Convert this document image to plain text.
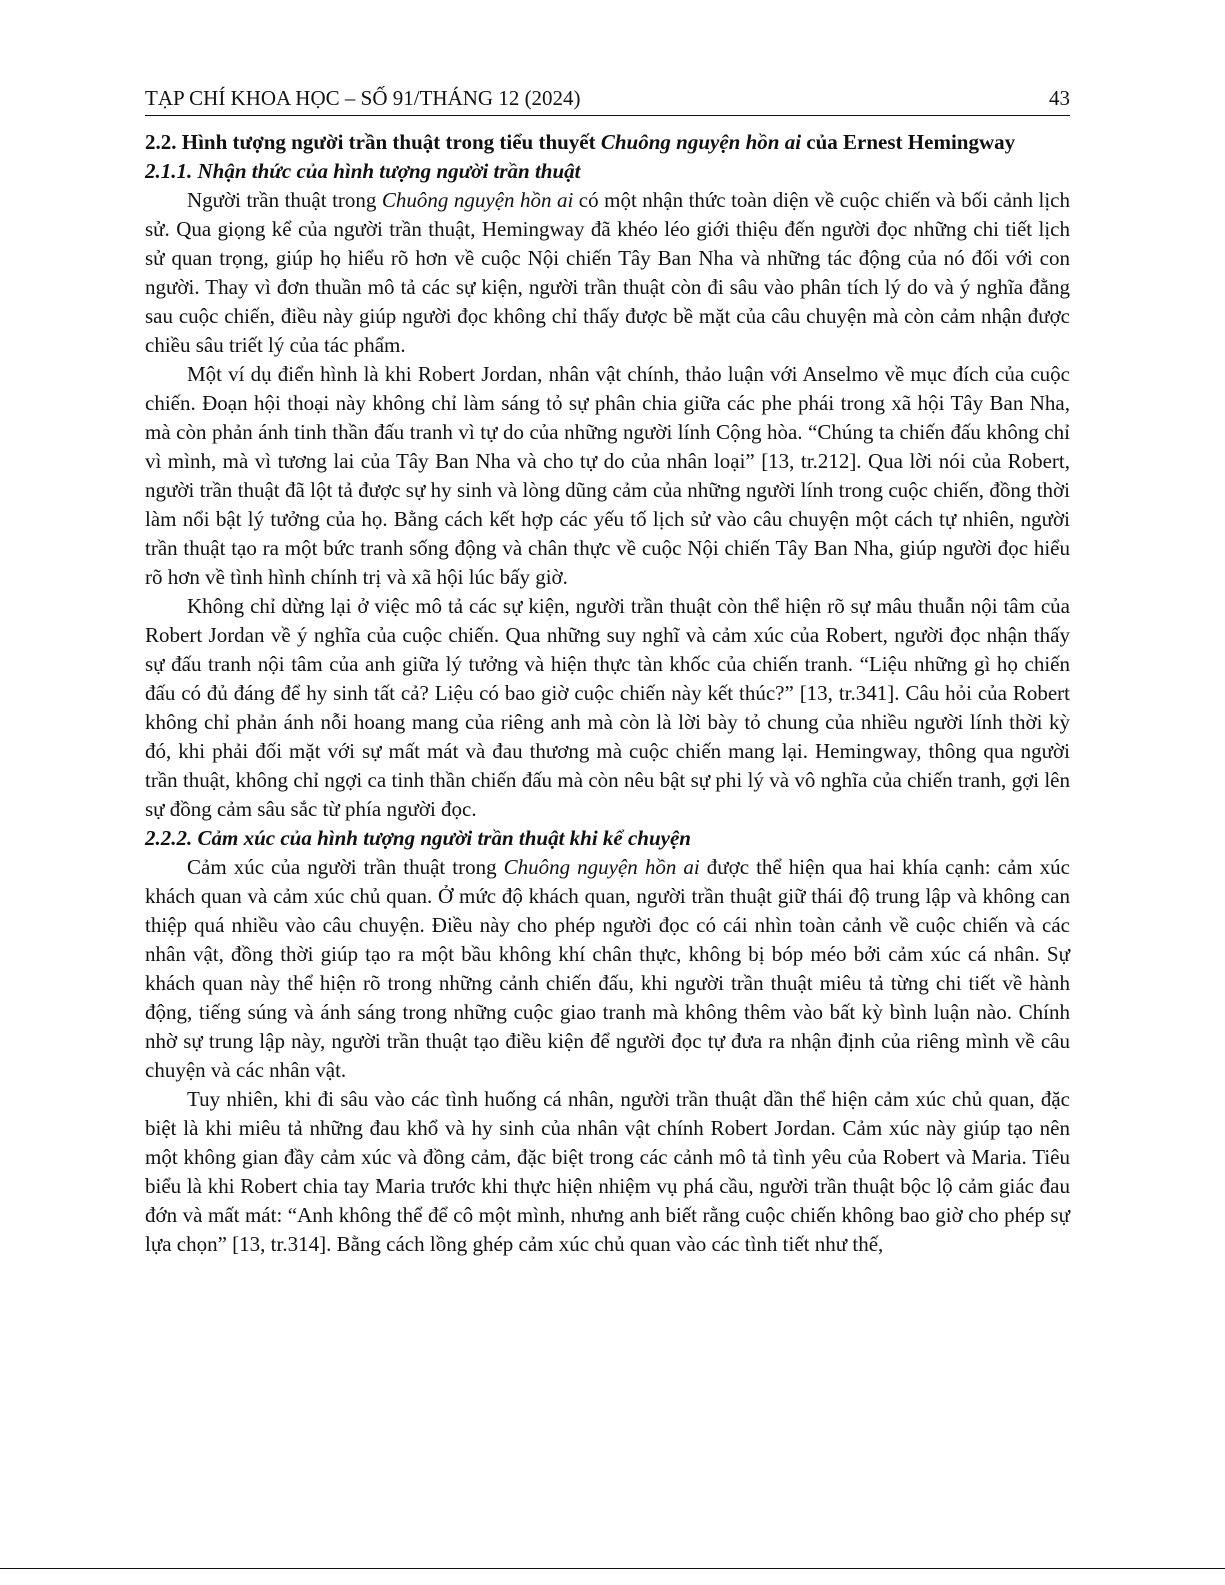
TẠP CHÍ KHOA HỌC – SỐ 91/THÁNG 12 (2024)	43

2.2. Hình tượng người trần thuật trong tiểu thuyết Chuông nguyện hồn ai của Ernest Hemingway

2.1.1. Nhận thức của hình tượng người trần thuật

Người trần thuật trong Chuông nguyện hồn ai có một nhận thức toàn diện về cuộc chiến và bối cảnh lịch sử. Qua giọng kể của người trần thuật, Hemingway đã khéo léo giới thiệu đến người đọc những chi tiết lịch sử quan trọng, giúp họ hiểu rõ hơn về cuộc Nội chiến Tây Ban Nha và những tác động của nó đối với con người. Thay vì đơn thuần mô tả các sự kiện, người trần thuật còn đi sâu vào phân tích lý do và ý nghĩa đằng sau cuộc chiến, điều này giúp người đọc không chỉ thấy được bề mặt của câu chuyện mà còn cảm nhận được chiều sâu triết lý của tác phẩm.

Một ví dụ điển hình là khi Robert Jordan, nhân vật chính, thảo luận với Anselmo về mục đích của cuộc chiến. Đoạn hội thoại này không chỉ làm sáng tỏ sự phân chia giữa các phe phái trong xã hội Tây Ban Nha, mà còn phản ánh tinh thần đấu tranh vì tự do của những người lính Cộng hòa. “Chúng ta chiến đấu không chỉ vì mình, mà vì tương lai của Tây Ban Nha và cho tự do của nhân loại” [13, tr.212]. Qua lời nói của Robert, người trần thuật đã lột tả được sự hy sinh và lòng dũng cảm của những người lính trong cuộc chiến, đồng thời làm nổi bật lý tưởng của họ. Bằng cách kết hợp các yếu tố lịch sử vào câu chuyện một cách tự nhiên, người trần thuật tạo ra một bức tranh sống động và chân thực về cuộc Nội chiến Tây Ban Nha, giúp người đọc hiểu rõ hơn về tình hình chính trị và xã hội lúc bấy giờ.

Không chỉ dừng lại ở việc mô tả các sự kiện, người trần thuật còn thể hiện rõ sự mâu thuẫn nội tâm của Robert Jordan về ý nghĩa của cuộc chiến. Qua những suy nghĩ và cảm xúc của Robert, người đọc nhận thấy sự đấu tranh nội tâm của anh giữa lý tưởng và hiện thực tàn khốc của chiến tranh. “Liệu những gì họ chiến đấu có đủ đáng để hy sinh tất cả? Liệu có bao giờ cuộc chiến này kết thúc?” [13, tr.341]. Câu hỏi của Robert không chỉ phản ánh nỗi hoang mang của riêng anh mà còn là lời bày tỏ chung của nhiều người lính thời kỳ đó, khi phải đối mặt với sự mất mát và đau thương mà cuộc chiến mang lại. Hemingway, thông qua người trần thuật, không chỉ ngợi ca tinh thần chiến đấu mà còn nêu bật sự phi lý và vô nghĩa của chiến tranh, gợi lên sự đồng cảm sâu sắc từ phía người đọc.

2.2.2. Cảm xúc của hình tượng người trần thuật khi kể chuyện

Cảm xúc của người trần thuật trong Chuông nguyện hồn ai được thể hiện qua hai khía cạnh: cảm xúc khách quan và cảm xúc chủ quan. Ở mức độ khách quan, người trần thuật giữ thái độ trung lập và không can thiệp quá nhiều vào câu chuyện. Điều này cho phép người đọc có cái nhìn toàn cảnh về cuộc chiến và các nhân vật, đồng thời giúp tạo ra một bầu không khí chân thực, không bị bóp méo bởi cảm xúc cá nhân. Sự khách quan này thể hiện rõ trong những cảnh chiến đấu, khi người trần thuật miêu tả từng chi tiết về hành động, tiếng súng và ánh sáng trong những cuộc giao tranh mà không thêm vào bất kỳ bình luận nào. Chính nhờ sự trung lập này, người trần thuật tạo điều kiện để người đọc tự đưa ra nhận định của riêng mình về câu chuyện và các nhân vật.

Tuy nhiên, khi đi sâu vào các tình huống cá nhân, người trần thuật dần thể hiện cảm xúc chủ quan, đặc biệt là khi miêu tả những đau khổ và hy sinh của nhân vật chính Robert Jordan. Cảm xúc này giúp tạo nên một không gian đầy cảm xúc và đồng cảm, đặc biệt trong các cảnh mô tả tình yêu của Robert và Maria. Tiêu biểu là khi Robert chia tay Maria trước khi thực hiện nhiệm vụ phá cầu, người trần thuật bộc lộ cảm giác đau đớn và mất mát: “Anh không thể để cô một mình, nhưng anh biết rằng cuộc chiến không bao giờ cho phép sự lựa chọn” [13, tr.314]. Bằng cách lồng ghép cảm xúc chủ quan vào các tình tiết như thế,
